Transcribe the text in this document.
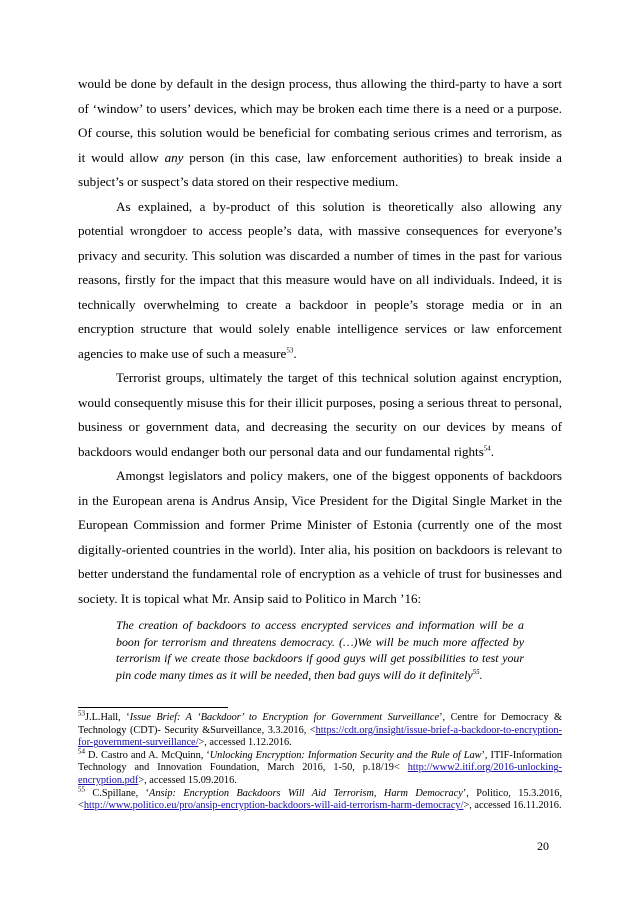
would be done by default in the design process, thus allowing the third-party to have a sort of ‘window’ to users’ devices, which may be broken each time there is a need or a purpose. Of course, this solution would be beneficial for combating serious crimes and terrorism, as it would allow any person (in this case, law enforcement authorities) to break inside a subject’s or suspect’s data stored on their respective medium.

As explained, a by-product of this solution is theoretically also allowing any potential wrongdoer to access people’s data, with massive consequences for everyone’s privacy and security. This solution was discarded a number of times in the past for various reasons, firstly for the impact that this measure would have on all individuals. Indeed, it is technically overwhelming to create a backdoor in people’s storage media or in an encryption structure that would solely enable intelligence services or law enforcement agencies to make use of such a measure$^{53}$.

Terrorist groups, ultimately the target of this technical solution against encryption, would consequently misuse this for their illicit purposes, posing a serious threat to personal, business or government data, and decreasing the security on our devices by means of backdoors would endanger both our personal data and our fundamental rights$^{54}$.

Amongst legislators and policy makers, one of the biggest opponents of backdoors in the European arena is Andrus Ansip, Vice President for the Digital Single Market in the European Commission and former Prime Minister of Estonia (currently one of the most digitally-oriented countries in the world). Inter alia, his position on backdoors is relevant to better understand the fundamental role of encryption as a vehicle of trust for businesses and society. It is topical what Mr. Ansip said to Politico in March ’16:

The creation of backdoors to access encrypted services and information will be a boon for terrorism and threatens democracy. (…)We will be much more affected by terrorism if we create those backdoors if good guys will get possibilities to test your pin code many times as it will be needed, then bad guys will do it definitely$^{55}$.

$^{53}$J.L.Hall, ‘Issue Brief: A ‘Backdoor’ to Encryption for Government Surveillance’, Centre for Democracy & Technology (CDT)- Security &Surveillance, 3.3.2016, <https://cdt.org/insight/issue-brief-a-backdoor-to-encryption-for-government-surveillance/>, accessed 1.12.2016.

$^{54}$ D. Castro and A. McQuinn, ‘Unlocking Encryption: Information Security and the Rule of Law’, ITIF-Information Technology and Innovation Foundation, March 2016, 1-50, p.18/19< http://www2.itif.org/2016-unlocking-encryption.pdf>, accessed 15.09.2016.

$^{55}$ C.Spillane, ‘Ansip: Encryption Backdoors Will Aid Terrorism, Harm Democracy’, Politico, 15.3.2016, <http://www.politico.eu/pro/ansip-encryption-backdoors-will-aid-terrorism-harm-democracy/>, accessed 16.11.2016.

20
